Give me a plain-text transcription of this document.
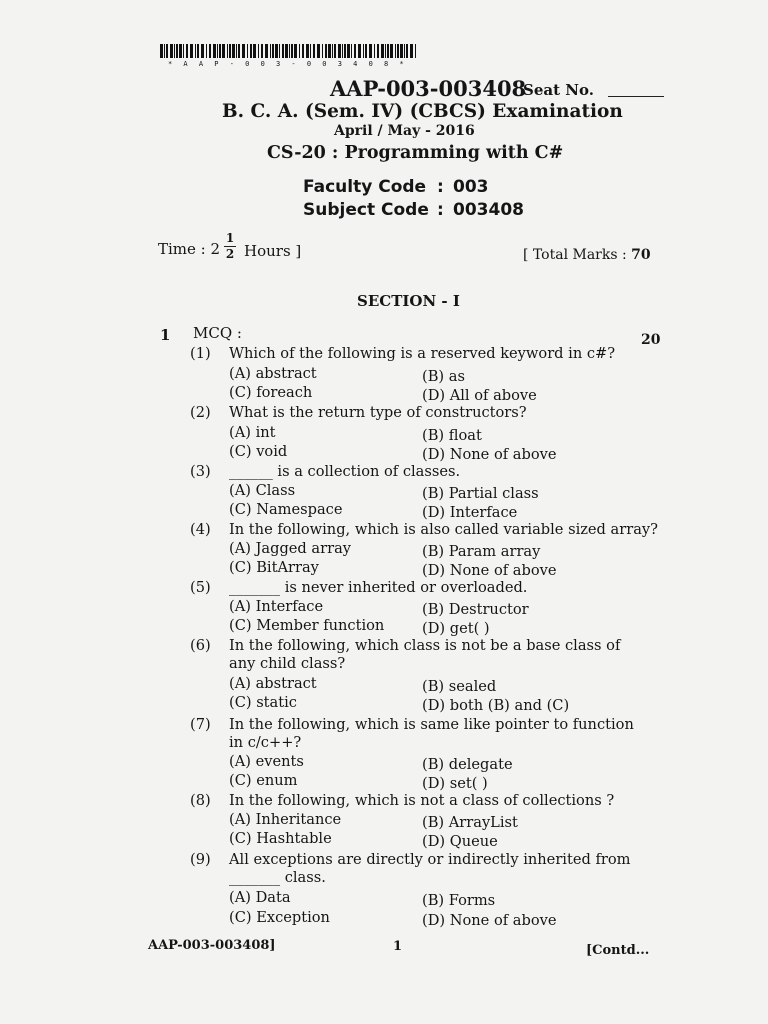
* A A P - 0 0 3 - 0 0 3 4 0 8 *
AAP-003-003408
Seat No.
B. C. A. (Sem. IV) (CBCS) Examination
April / May - 2016
CS-20 : Programming with C#
Faculty Code : 003
Subject Code : 003408
Time : 2
1
2 Hours ]	[ Total Marks : 70
SECTION - I
1 MCQ :	20
(1) Which of the following is a reserved keyword in c#?
(A) abstract	(B) as
(C) foreach	(D) All of above
(2) What is the return type of constructors?
(A) int	(B) float
(C) void	(D) None of above
(3) ______ is a collection of classes.
(A) Class	(B) Partial class
(C) Namespace	(D) Interface
(4) In the following, which is also called variable sized array?
(A) Jagged array	(B) Param array
(C) BitArray	(D) None of above
(5) _______ is never inherited or overloaded.
(A) Interface	(B) Destructor
(C) Member function	(D) get( )
(6) In the following, which class is not be a base class of
any child class?
(A) abstract	(B) sealed
(C) static	(D) both (B) and (C)
(7) In the following, which is same like pointer to function
in c/c++?
(A) events	(B) delegate
(C) enum	(D) set( )
(8) In the following, which is not a class of collections ?
(A) Inheritance	(B) ArrayList
(C) Hashtable	(D) Queue
(9) All exceptions are directly or indirectly inherited from
_______ class.
(A) Data	(B) Forms
(C) Exception	(D) None of above
AAP-003-003408]	1	[Contd...
